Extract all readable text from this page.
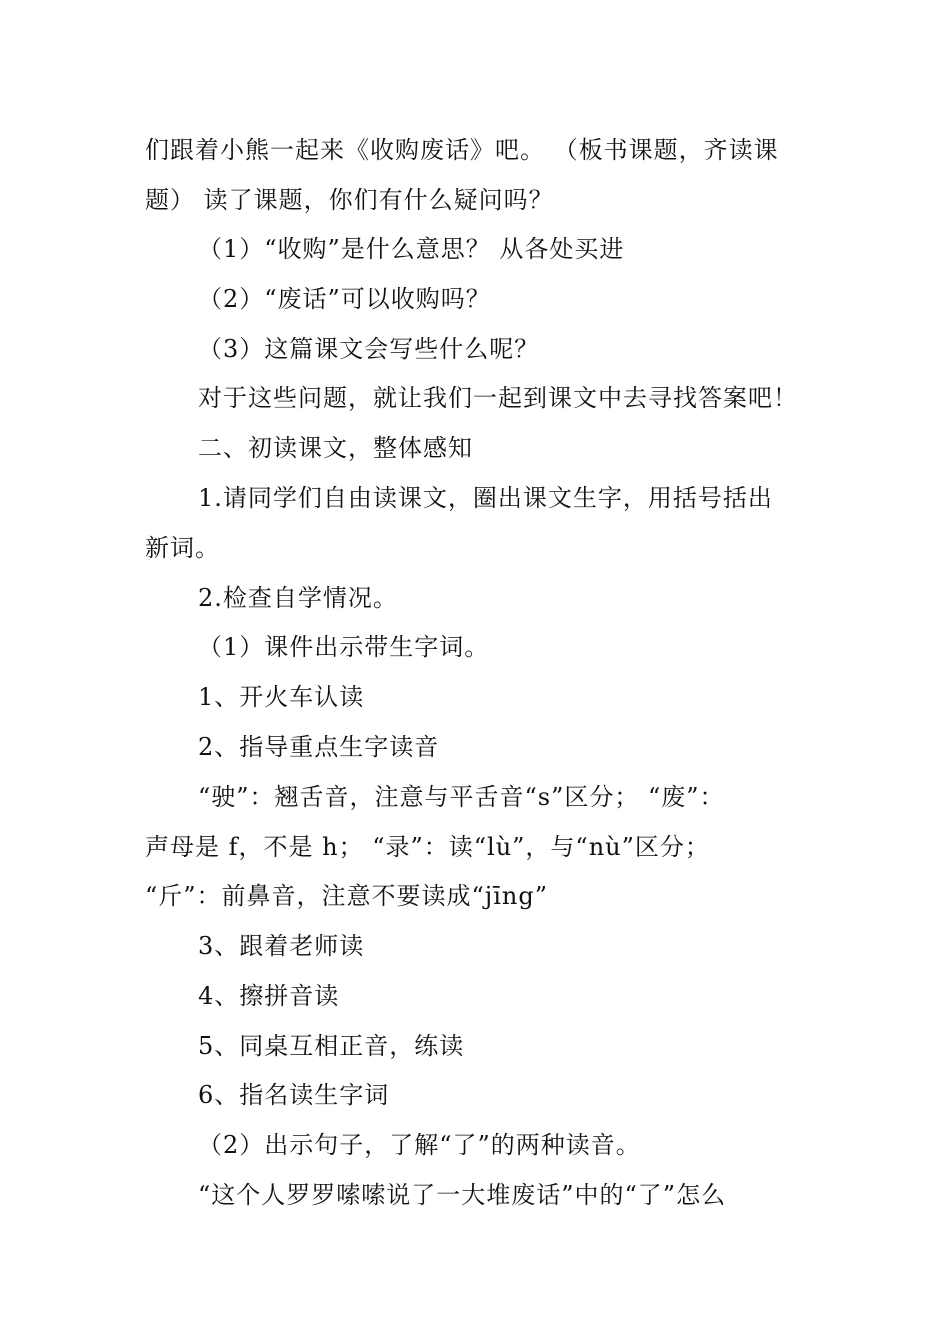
们跟着小熊一起来《收购废话》吧。 （板书课题，齐读课
题） 读了课题，你们有什么疑问吗？
（1）“收购”是什么意思？ 从各处买进
（2）“废话”可以收购吗？
（3）这篇课文会写些什么呢？
对于这些问题，就让我们一起到课文中去寻找答案吧！
二、初读课文，整体感知
1.请同学们自由读课文，圈出课文生字，用括号括出
新词。
2.检查自学情况。
（1）课件出示带生字词。
1、开火车认读
2、指导重点生字读音
“驶”：翘舌音，注意与平舌音“s”区分； “废”：
声母是 f，不是 h； “录”：读“lù”，与“nù”区分；
“斤”：前鼻音，注意不要读成“jīng”
3、跟着老师读
4、擦拼音读
5、同桌互相正音，练读
6、指名读生字词
（2）出示句子，了解“了”的两种读音。
“这个人罗罗嗦嗦说了一大堆废话”中的“了”怎么
